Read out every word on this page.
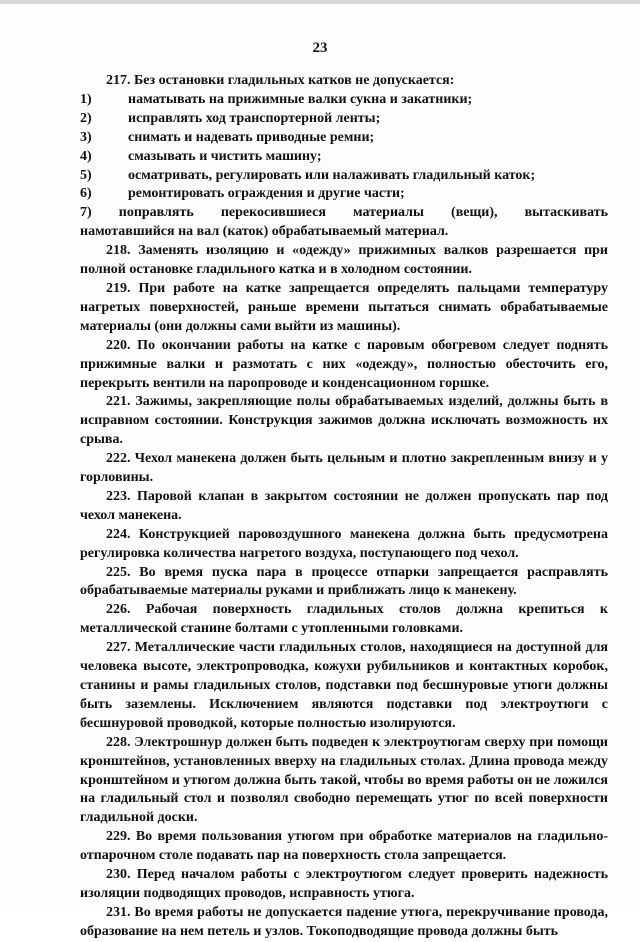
23

217. Без остановки гладильных катков не допускается:

1)	наматывать на прижимные валки сукна и закатники;
2)	исправлять ход транспортерной ленты;
3)	снимать и надевать приводные ремни;
4)	смазывать и чистить машину;
5)	осматривать, регулировать или налаживать гладильный каток;
6)	ремонтировать ограждения и другие части;

7)     поправлять     перекосившиеся     материалы     (вещи),     вытаскивать

намотавшийся на вал (каток) обрабатываемый материал.

218. Заменять изоляцию и «одежду» прижимных валков разрешается при полной остановке гладильного катка и в холодном состоянии.

219. При работе на катке запрещается определять пальцами температуру нагретых поверхностей, раньше времени пытаться снимать обрабатываемые материалы (они должны сами выйти из машины).

220. По окончании работы на катке с паровым обогревом следует поднять прижимные валки и размотать с них «одежду», полностью обесточить его, перекрыть вентили на паропроводе и конденсационном горшке.

221. Зажимы, закрепляющие полы обрабатываемых изделий, должны быть в исправном состоянии. Конструкция зажимов должна исключать возможность их срыва.

222. Чехол манекена должен быть цельным и плотно закрепленным внизу и у горловины.

223. Паровой клапан в закрытом состоянии не должен пропускать пар под чехол манекена.

224. Конструкцией паровоздушного манекена должна быть предусмотрена регулировка количества нагретого воздуха, поступающего под чехол.

225. Во время пуска пара в процессе отпарки запрещается расправлять обрабатываемые материалы руками и приближать лицо к манекену.

226. Рабочая поверхность гладильных столов должна крепиться к металлической станине болтами с утопленными головками.

227. Металлические части гладильных столов, находящиеся на доступной для человека высоте, электропроводка, кожухи рубильников и контактных коробок, станины и рамы гладильных столов, подставки под бесшнуровые утюги должны быть заземлены. Исключением являются подставки под электроутюги с бесшнуровой проводкой, которые полностью изолируются.

228. Электрошнур должен быть подведен к электроутюгам сверху при помощи кронштейнов, установленных вверху на гладильных столах. Длина провода между кронштейном и утюгом должна быть такой, чтобы во время работы он не ложился на гладильный стол и позволял свободно перемещать утюг по всей поверхности гладильной доски.

229. Во время пользования утюгом при обработке материалов на гладильно-отпарочном столе подавать пар на поверхность стола запрещается.

230. Перед началом работы с электроутюгом следует проверить надежность изоляции подводящих проводов, исправность утюга.

231. Во время работы не допускается падение утюга, перекручивание провода, образование на нем петель и узлов. Токоподводящие провода должны быть
